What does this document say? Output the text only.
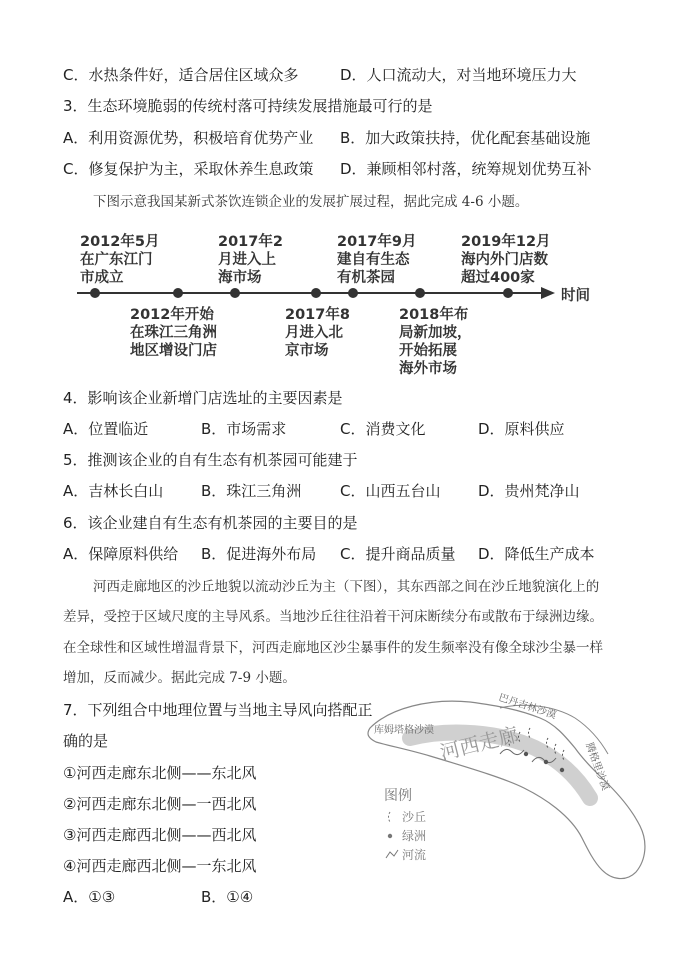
C．水热条件好，适合居住区域众多	D．人口流动大，对当地环境压力大
3．生态环境脆弱的传统村落可持续发展措施最可行的是
A．利用资源优势，积极培育优势产业 B．加大政策扶持，优化配套基础设施
C．修复保护为主，采取休养生息政策 D．兼顾相邻村落，统筹规划优势互补
下图示意我国某新式茶饮连锁企业的发展扩展过程，据此完成 4-6 小题。
2012年5月
在广东江门
市成立
2017年2
月进入上
海市场
2017年9月
建自有生态
有机茶园
2019年12月
海内外门店数
超过400家
时间
2012年开始
在珠江三角洲
地区增设门店
2017年8
月进入北
京市场
2018年布
局新加坡，
开始拓展
海外市场
4．影响该企业新增门店选址的主要因素是
A．位置临近	B．市场需求	C．消费文化	D．原料供应
5．推测该企业的自有生态有机茶园可能建于
A．吉林长白山	B．珠江三角洲	C．山西五台山	D．贵州梵净山
6．该企业建自有生态有机茶园的主要目的是
A．保障原料供给 B．促进海外布局 C．提升商品质量 D．降低生产成本
河西走廊地区的沙丘地貌以流动沙丘为主（下图），其东西部之间在沙丘地貌演化上的
差异，受控于区域尺度的主导风系。当地沙丘往往沿着干河床断续分布或散布于绿洲边缘。
在全球性和区域性增温背景下，河西走廊地区沙尘暴事件的发生频率没有像全球沙尘暴一样
增加，反而减少。据此完成 7-9 小题。
7．下列组合中地理位置与当地主导风向搭配正
确的是
①河西走廊东北侧——东北风
②河西走廊东北侧—一西北风
③河西走廊西北侧——西北风
④河西走廊西北侧—一东北风
A．①③	B．①④
库姆塔格沙漠
巴丹吉林沙漠
腾格里沙漠
河西走廊
图例
沙丘
绿洲
河流
